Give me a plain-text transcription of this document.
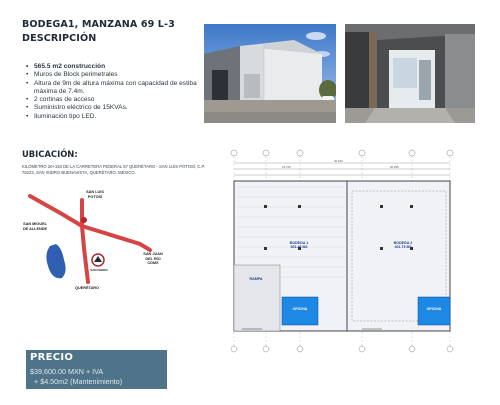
BODEGA1, MANZANA 69 L-3
DESCRIPCIÓN
• 565.5 m2 construcción
• Muros de Block perimetrales
• Altura de 9m de altura máxima con capacidad de estiba máxima de 7.4m.
• 2 cortinas de acceso
• Suministro eléctrico de 15KVAs.
• Iluminación tipo LED.
UBICACIÓN:
KILÓMETRO 20+150 DE LA CARRETERA FEDERAL 57 QUERÉTARO - SAN LUIS POTOSÍ, C.P. 76223, SAN ISIDRO BUENAVISTA, QUERÉTARO, MÉXICO.
SAN LUIS POTOSÍ
SAN MIGUEL DE ALLENDE
SAN JUAN DEL RÍO CDMX
QUERÉTARO
SAN ISIDRO
BODEGA 1
301.46 M2
BODEGA 2
401.73 M2
RAMPA
OFICINA	OFICINA
40.100
19.705	20.395
PRECIO
$39,600.00 MXN + IVA
+ $4.50m2 (Mantenimiento)
